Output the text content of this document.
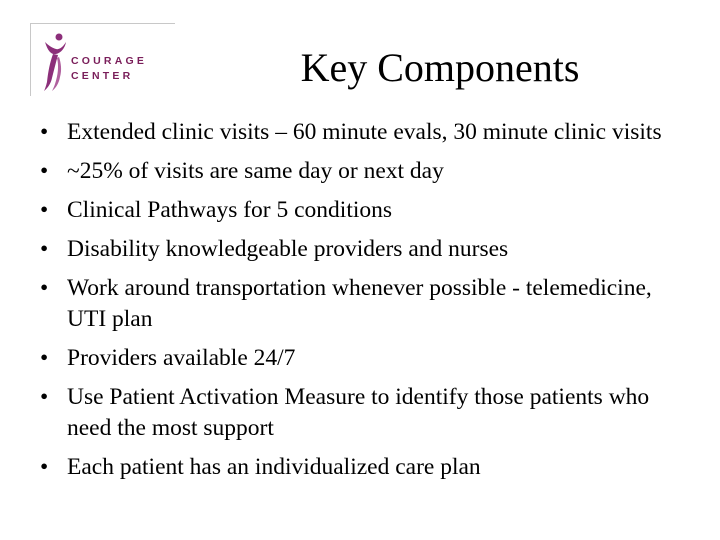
COURAGE
CENTER	Key Components
• Extended clinic visits – 60 minute evals, 30 minute clinic visits
• ~25% of visits are same day or next day
• Clinical Pathways for 5 conditions
• Disability knowledgeable providers and nurses
• Work around transportation whenever possible - telemedicine, UTI plan
• Providers available 24/7
• Use Patient Activation Measure to identify those patients who need the most support
• Each patient has an individualized care plan
